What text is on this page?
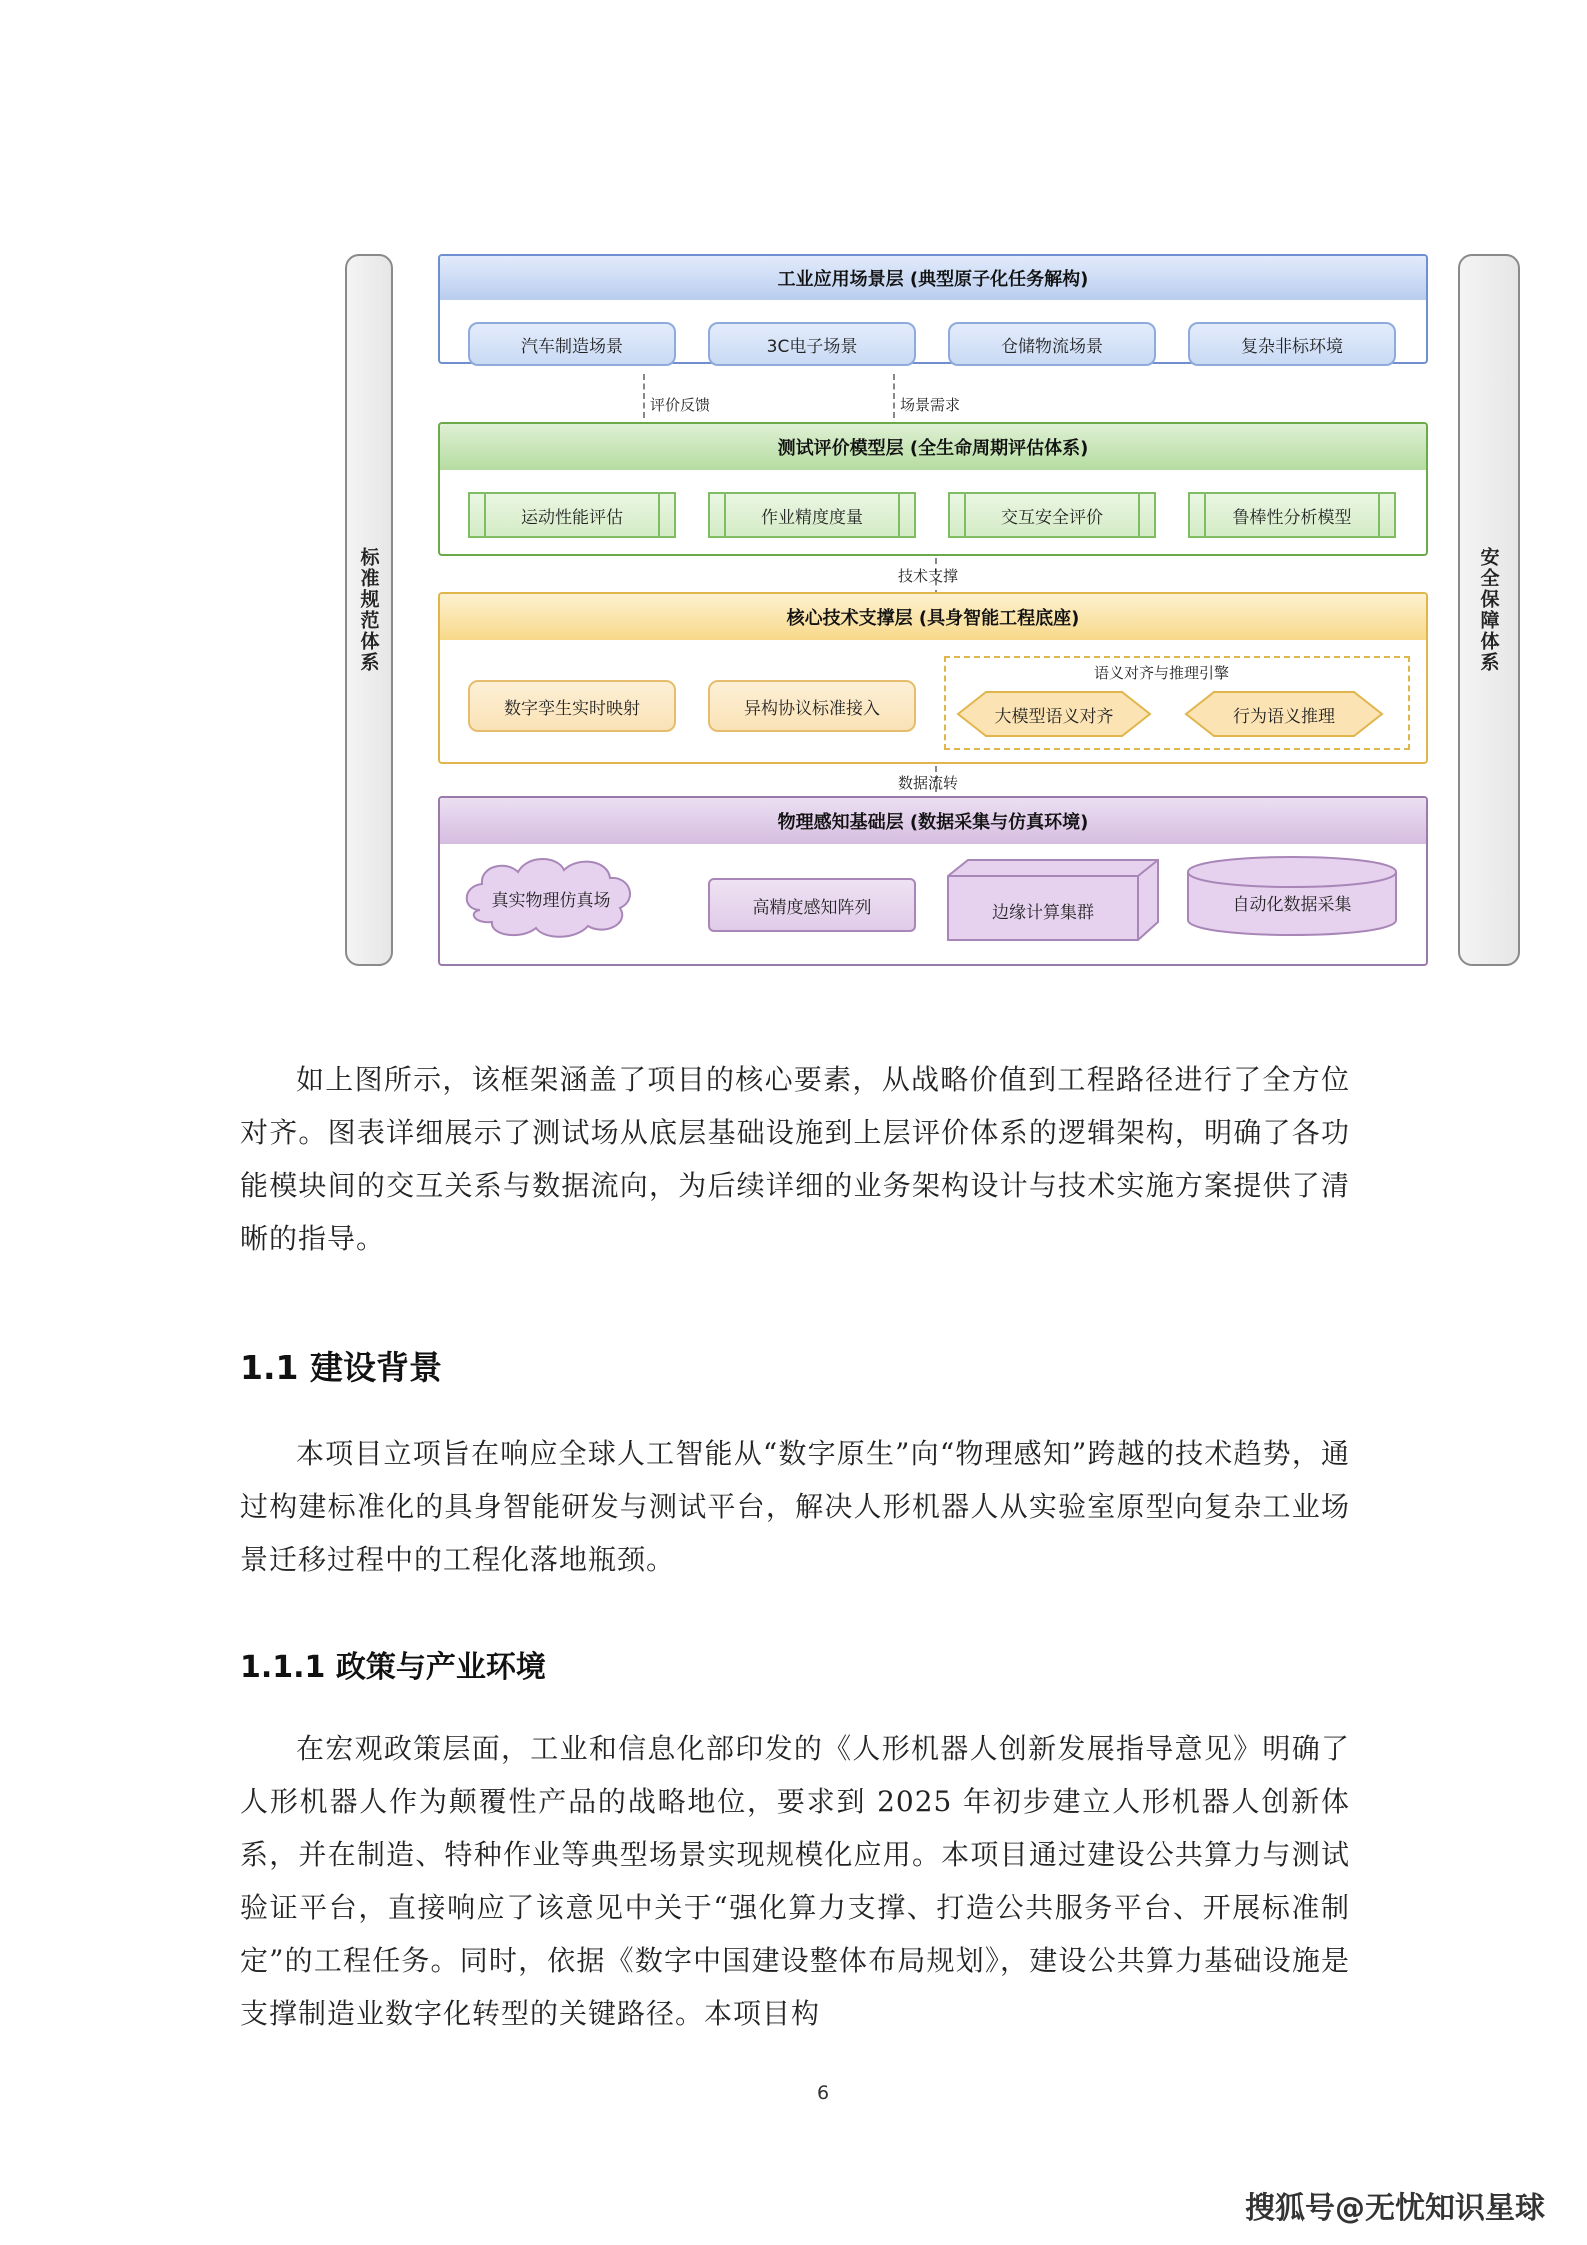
标准规范体系	安全保障体系
工业应用场景层 (典型原子化任务解构)
汽车制造场景	3C电子场景	仓储物流场景	复杂非标环境
评价反馈	场景需求
测试评价模型层 (全生命周期评估体系)
运动性能评估	作业精度度量	交互安全评价	鲁棒性分析模型
技术支撑
核心技术支撑层 (具身智能工程底座)
数字孪生实时映射	异构协议标准接入
语义对齐与推理引擎
大模型语义对齐	行为语义推理
数据流转
物理感知基础层 (数据采集与仿真环境)
真实物理仿真场	高精度感知阵列	边缘计算集群	自动化数据采集

如上图所示，该框架涵盖了项目的核心要素，从战略价值到工程路径进行了全方位对齐。图表详细展示了测试场从底层基础设施到上层评价体系的逻辑架构，明确了各功能模块间的交互关系与数据流向，为后续详细的业务架构设计与技术实施方案提供了清晰的指导。

1.1 建设背景

本项目立项旨在响应全球人工智能从“数字原生”向“物理感知”跨越的技术趋势，通过构建标准化的具身智能研发与测试平台，解决人形机器人从实验室原型向复杂工业场景迁移过程中的工程化落地瓶颈。

1.1.1 政策与产业环境

在宏观政策层面，工业和信息化部印发的《人形机器人创新发展指导意见》明确了人形机器人作为颠覆性产品的战略地位，要求到 2025 年初步建立人形机器人创新体系，并在制造、特种作业等典型场景实现规模化应用。本项目通过建设公共算力与测试验证平台，直接响应了该意见中关于“强化算力支撑、打造公共服务平台、开展标准制定”的工程任务。同时，依据《数字中国建设整体布局规划》，建设公共算力基础设施是支撑制造业数字化转型的关键路径。本项目构

6
搜狐号@无忧知识星球
